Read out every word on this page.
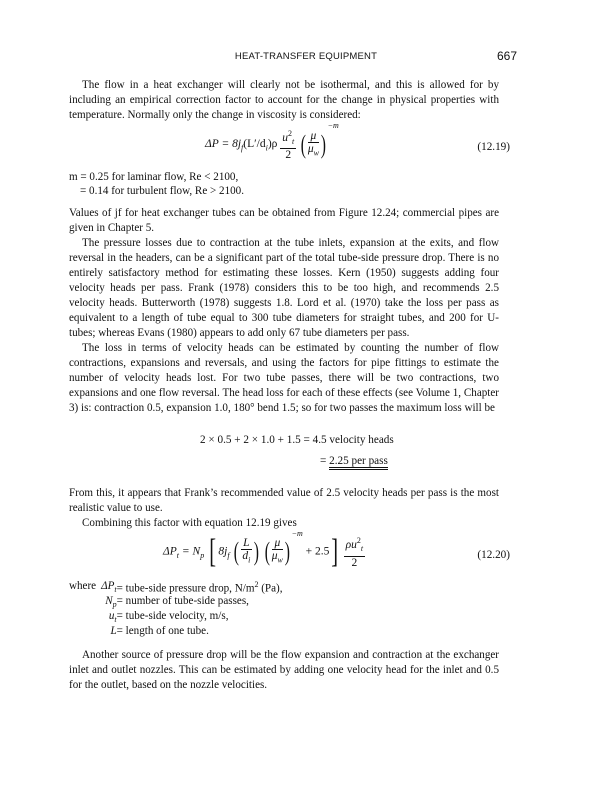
HEAT-TRANSFER EQUIPMENT	667

The flow in a heat exchanger will clearly not be isothermal, and this is allowed for by including an empirical correction factor to account for the change in physical properties with temperature. Normally only the change in viscosity is considered:

$\Delta P = 8j_f(L'/d_i)\rho \frac{u^2_t}{2}$ ( $\frac{\mu}{\mu_w} )^{-m}$
(12.19)
m = 0.25 for laminar flow, Re < 2100,
= 0.14 for turbulent flow, Re > 2100.

Values of jf for heat exchanger tubes can be obtained from Figure 12.24; commercial pipes are given in Chapter 5.

The pressure losses due to contraction at the tube inlets, expansion at the exits, and flow reversal in the headers, can be a significant part of the total tube-side pressure drop. There is no entirely satisfactory method for estimating these losses. Kern (1950) suggests adding four velocity heads per pass. Frank (1978) considers this to be too high, and recommends 2.5 velocity heads. Butterworth (1978) suggests 1.8. Lord et al. (1970) take the loss per pass as equivalent to a length of tube equal to 300 tube diameters for straight tubes, and 200 for U-tubes; whereas Evans (1980) appears to add only 67 tube diameters per pass.

The loss in terms of velocity heads can be estimated by counting the number of flow contractions, expansions and reversals, and using the factors for pipe fittings to estimate the number of velocity heads lost. For two tube passes, there will be two contractions, two expansions and one flow reversal. The head loss for each of these effects (see Volume 1, Chapter 3) is: contraction 0.5, expansion 1.0, 180° bend 1.5; so for two passes the maximum loss will be

2 × 0.5 + 2 × 1.0 + 1.5 = 4.5 velocity heads
= 2.25 per pass

From this, it appears that Frank’s recommended value of 2.5 velocity heads per pass is the most realistic value to use.

Combining this factor with equation 12.19 gives

$\Delta P_t = N_p$ [ $8j_f$ ( $\frac{L}{d_i}$ ) ( $\frac{\mu}{\mu_w} )^{-m} + 2.5] \frac{\rho u^2_t}{2}$	(12.20)
where	$\Delta P_t$	= tube-side pressure drop, $N/m^2$ (Pa),
	$N_p$	= number of tube-side passes,
	$u_t$	= tube-side velocity, m/s,
	L	= length of one tube.

Another source of pressure drop will be the flow expansion and contraction at the exchanger inlet and outlet nozzles. This can be estimated by adding one velocity head for the inlet and 0.5 for the outlet, based on the nozzle velocities.
